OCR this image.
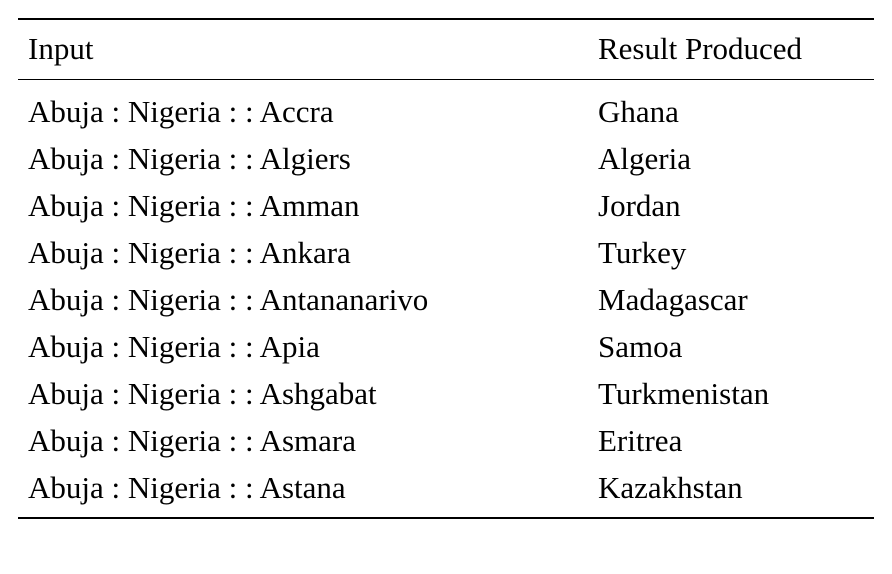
Input	Result Produced

Abuja : Nigeria : : Accra	Ghana
Abuja : Nigeria : : Algiers	Algeria
Abuja : Nigeria : : Amman	Jordan
Abuja : Nigeria : : Ankara	Turkey
Abuja : Nigeria : : Antananarivo	Madagascar
Abuja : Nigeria : : Apia	Samoa
Abuja : Nigeria : : Ashgabat	Turkmenistan
Abuja : Nigeria : : Asmara	Eritrea
Abuja : Nigeria : : Astana	Kazakhstan
